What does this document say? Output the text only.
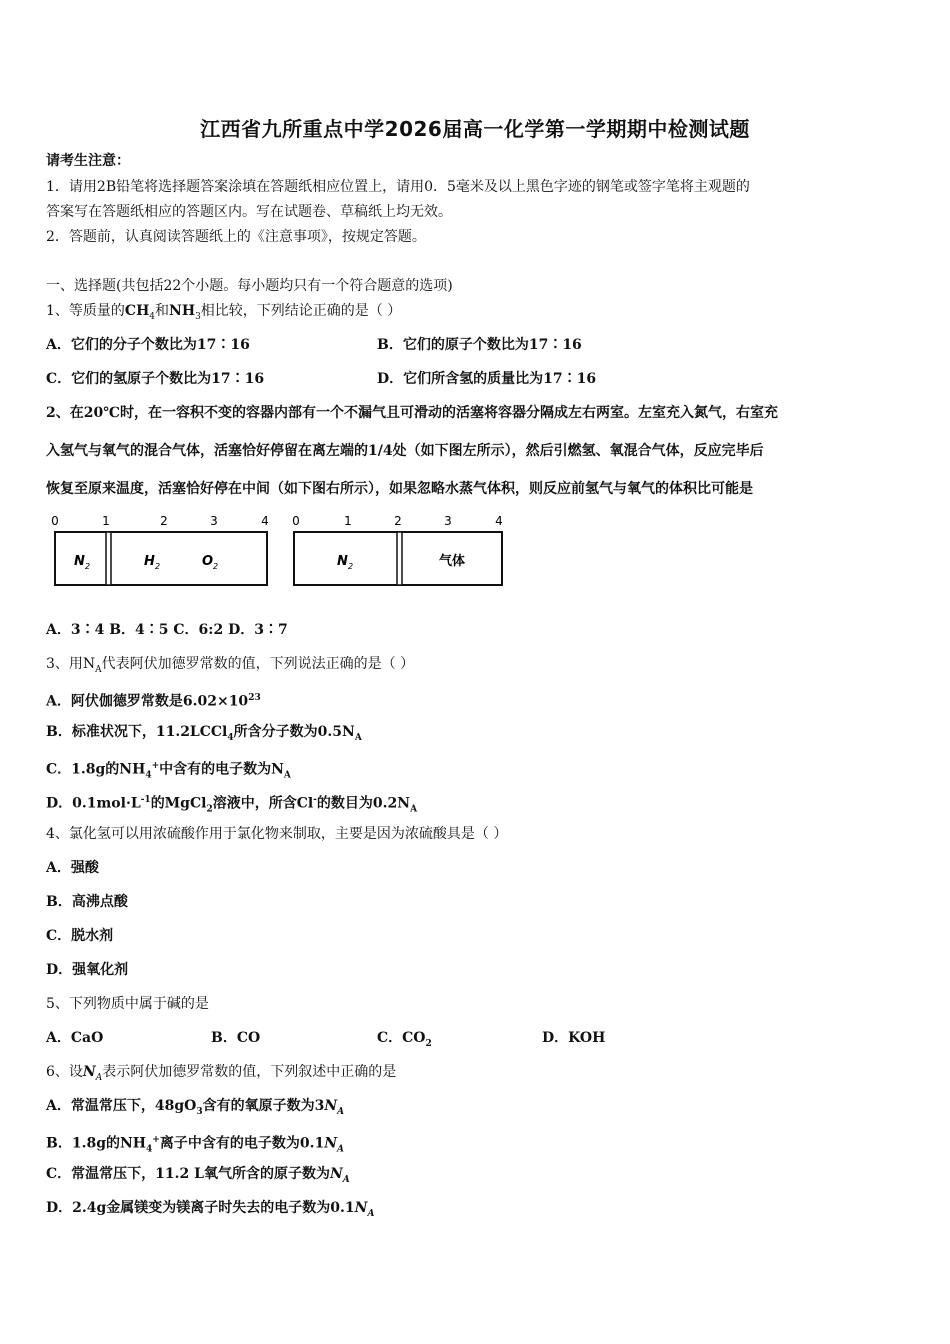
江西省九所重点中学2026届高一化学第一学期期中检测试题
请考生注意：
1．请用2B铅笔将选择题答案涂填在答题纸相应位置上，请用0．5毫米及以上黑色字迹的钢笔或签字笔将主观题的
答案写在答题纸相应的答题区内。写在试题卷、草稿纸上均无效。
2．答题前，认真阅读答题纸上的《注意事项》，按规定答题。
一、选择题(共包括22个小题。每小题均只有一个符合题意的选项)
1、等质量的$CH_4$和$NH_3$相比较，下列结论正确的是（ ）
A．它们的分子个数比为17∶16	B．它们的原子个数比为17∶16
C．它们的氢原子个数比为17∶16	D．它们所含氢的质量比为17∶16
2、在20℃时，在一容积不变的容器内部有一个不漏气且可滑动的活塞将容器分隔成左右两室。左室充入氮气，右室充
入氢气与氧气的混合气体，活塞恰好停留在离左端的1/4处（如下图左所示），然后引燃氢、氧混合气体，反应完毕后
恢复至原来温度，活塞恰好停在中间（如下图右所示），如果忽略水蒸气体积，则反应前氢气与氧气的体积比可能是
0	1	2	3	4
N 2	H 2	O 2
0	1	2	3	4
N 2	气体
A．3∶4 B．4∶5 C．6:2 D．3∶7
3、用$N_A$代表阿伏加德罗常数的值，下列说法正确的是（ ）
A．阿伏伽德罗常数是$6.02\times 10^{23}$
B．标准状况下，11.2LCCl$_4$所含分子数为$0.5N_A$
C．1.8g的$NH_4^+$中含有的电子数为$N_A$
D．$0.1mol\cdot L^{-1}$的MgCl$_2$溶液中，所含Cl-的数目为$0.2N_A$
4、氯化氢可以用浓硫酸作用于氯化物来制取，主要是因为浓硫酸具是（ ）
A．强酸
B．高沸点酸
C．脱水剂
D．强氧化剂
5、下列物质中属于碱的是
A．CaO	B．CO	C．$CO_2$	D．KOH
6、设$N_A$表示阿伏加德罗常数的值，下列叙述中正确的是
A．常温常压下，$48gO_3$含有的氧原子数为$3N_A$
B．1.8g的$NH_4^+$离子中含有的电子数为$0.1N_A$
C．常温常压下，11.2 L氧气所含的原子数为$N_A$
D．2.4g金属镁变为镁离子时失去的电子数为$0.1N_A$
